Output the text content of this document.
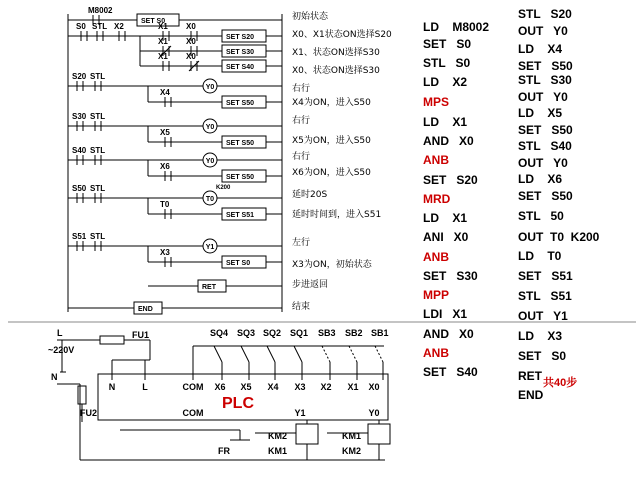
M8002
SET S0
S0 STL X2	X1 X0
SET S20
X1 X0
SET S30
X1 X0
SET S40
S20 STL
Y0
X4
SET S50
S30 STL
Y0
X5
SET S50
S40 STL
Y0
X6
SET S50
S50 STL
T0
K200
T0
SET S51
S51 STL
Y1
X3
SET S0
RET
END
L
~220V
N
FU1
FU2
PLC
N	L	COM X6 X5 X4 X3 X2 X1 X0
COM
SQ4 SQ3 SQ2 SQ1 SB3 SB2 SB1
Y1	Y0
KM2
KM1
KM1
KM2
FR
初始状态
X0、X1状态ON选择S20
X1、状态ON选择S30
X0、状态ON选择S30
右行
X4为ON，进入S50
右行
X5为ON，进入S50
右行
X6为ON，进入S50
延时20S
延时时间到，进入S51
左行
X3为ON，初始状态
步进返回
结束
LD    M8002
SET   S0
STL   S0
LD    X2
MPS
LD    X1
AND   X0
ANB
SET   S20
MRD
LD    X1
ANI   X0
ANB
SET   S30
MPP
LDI   X1
AND   X0
ANB
SET   S40
STL   S20
OUT   Y0
LD    X4
SET   S50
STL   S30
OUT   Y0
LD    X5
SET   S50
STL   S40
OUT   Y0
LD    X6
SET   S50
STL   50
OUT  T0  K200
LD    T0
SET   S51
STL   S51
OUT   Y1
LD    X3
SET   S0
RET
END
共40步
